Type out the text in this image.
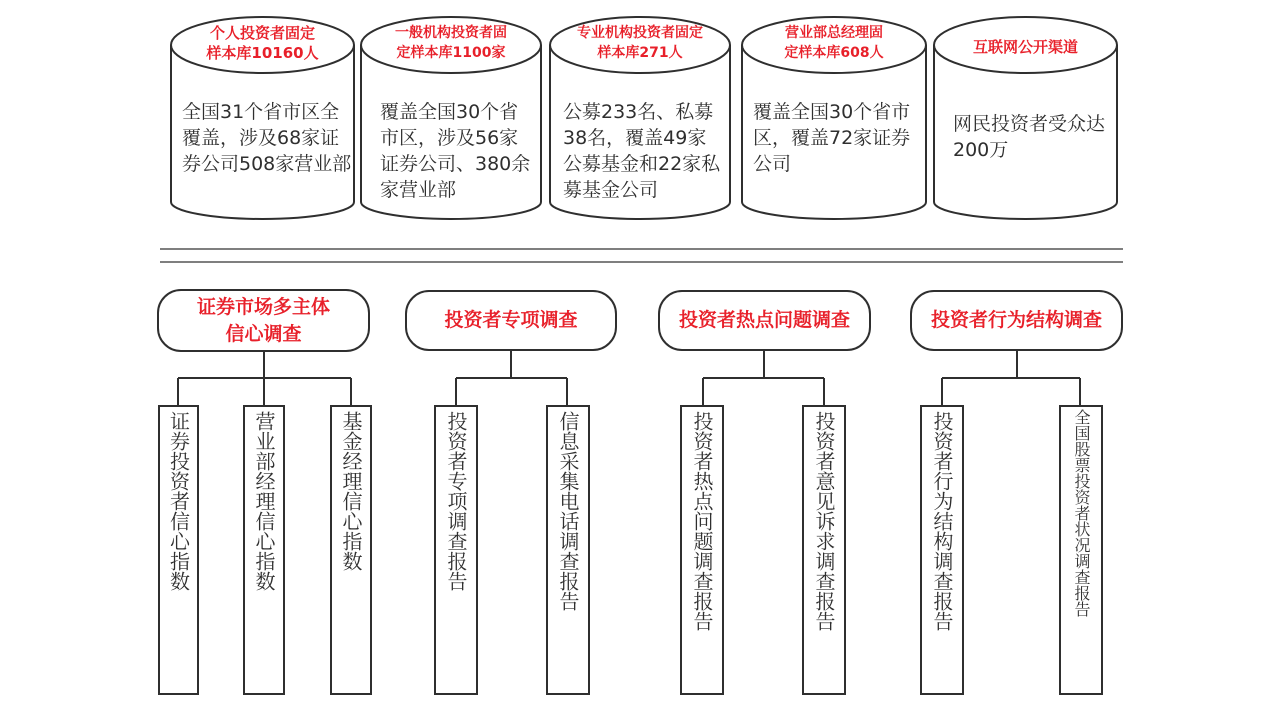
个人投资者固定
样本库10160人
全国31个省市区全覆盖，涉及68家证券公司508家营业部
一般机构投资者固
定样本库1100家
覆盖全国30个省市区，涉及56家证券公司、380余家营业部
专业机构投资者固定
样本库271人
公募233名、私募38名，覆盖49家公募基金和22家私募基金公司
营业部总经理固
定样本库608人
覆盖全国30个省市区，覆盖72家证券公司
互联网公开渠道
网民投资者受众达200万
证券市场多主体
信心调查
投资者专项调查	投资者热点问题调查	投资者行为结构调查
证券投资者信心指数	营业部经理信心指数	基金经理信心指数	投资者专项调查报告	信息采集电话调查报告	投资者热点问题调查报告	投资者意见诉求调查报告	投资者行为结构调查报告	全国股票投资者状况调查报告
